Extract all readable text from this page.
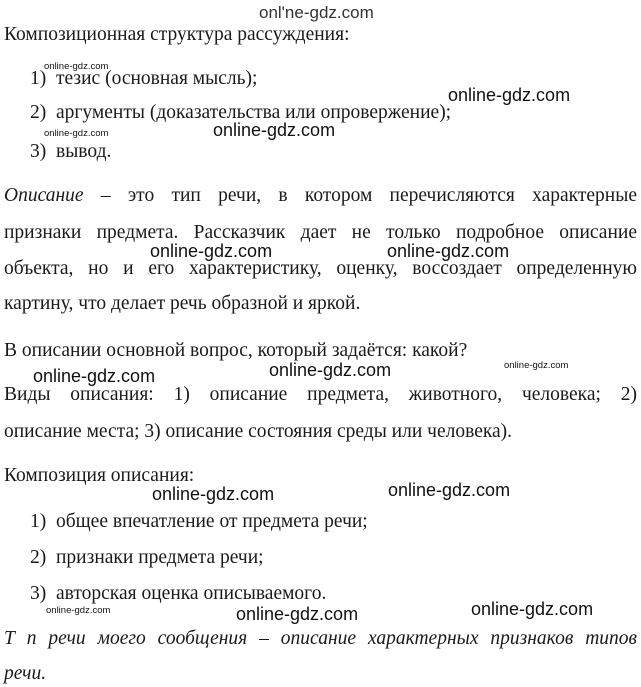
onl'ne-gdz.com
Композиционная структура рассуждения:
online-gdz.com
1) тезис (основная мысль);
online-gdz.com
2) аргументы (доказательства или опровержение);
online-gdz.com
online-gdz.com
3) вывод.
Описание – это тип речи, в котором перечисляются характерные
признаки предмета. Рассказчик дает не только подробное описание
online-gdz.com	online-gdz.com
объекта, но и его характеристику, оценку, воссоздает определенную
картину, что делает речь образной и яркой.
В описании основной вопрос, который задаётся: какой?
online-gdz.com
online-gdz.com	online-gdz.com
Виды описания: 1) описание предмета, животного, человека; 2)
описание места; 3) описание состояния среды или человека).
Композиция описания:
online-gdz.com	online-gdz.com
1) общее впечатление от предмета речи;
2) признаки предмета речи;
3) авторская оценка описываемого.
online-gdz.com
online-gdz.com
online-gdz.com
Т п речи моего сообщения – описание характерных признаков типов
речи.
